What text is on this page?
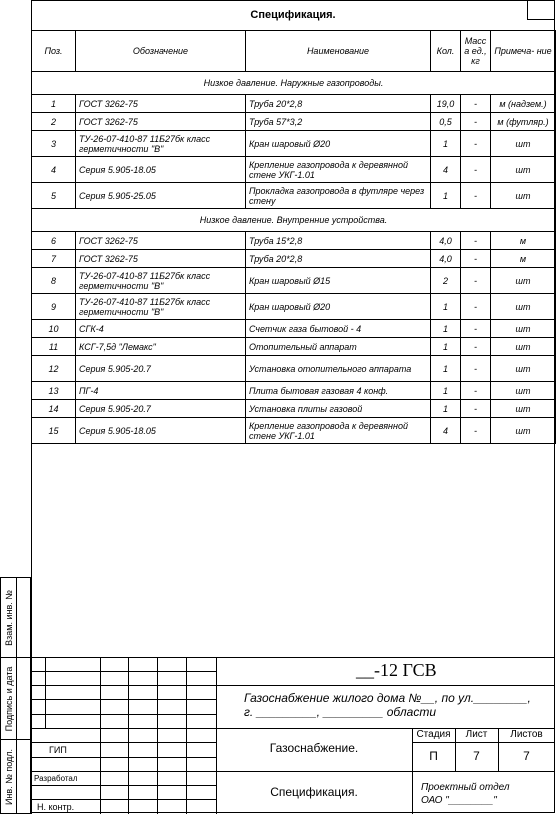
Спецификация.
Поз.	Обозначение	Наименование	Кол.	Масс а ед., кг	Примеча- ние
Низкое давление. Наружные газопроводы.					
1	ГОСТ 3262-75	Труба 20*2,8	19,0	-	м (надзем.)
2	ГОСТ 3262-75	Труба 57*3,2	0,5	-	м (футляр.)
3	ТУ-26-07-410-87 11Б27бк класс герметичности "В"	Кран шаровый Ø20	1	-	шт
4	Серия 5.905-18.05	Крепление газопровода к деревянной стене УКГ-1.01	4	-	шт
5	Серия 5.905-25.05	Прокладка газопровода в футляре через стену	1	-	шт
Низкое давление. Внутренние устройства.					
6	ГОСТ 3262-75	Труба 15*2,8	4,0	-	м
7	ГОСТ 3262-75	Труба 20*2,8	4,0	-	м
8	ТУ-26-07-410-87 11Б27бк класс герметичности "В"	Кран шаровый Ø15	2	-	шт
9	ТУ-26-07-410-87 11Б27бк класс герметичности "В"	Кран шаровый Ø20	1	-	шт
10	СГК-4	Счетчик газа бытовой - 4	1	-	шт
11	КСГ-7,5д "Лемакс"	Отопительный аппарат	1	-	шт
12	Серия 5.905-20.7	Установка отопительного аппарата	1	-	шт
13	ПГ-4	Плита бытовая газовая 4 конф.	1	-	шт
14	Серия 5.905-20.7	Установка плиты газовой	1	-	шт
15	Серия 5.905-18.05	Крепление газопровода к деревянной стене УКГ-1.01	4	-	шт
Взам. инв. №
Подпись и дата
Инв. № подл.
__-12 ГСВ
Газоснабжение жилого дома №__, по ул.________,
г. _________, _________ области
Газоснабжение.
Спецификация.
Стадия	Лист	Листов
П	7	7
Проектный отдел
ОАО "________"
ГИП
Разработал
Н. контр.
